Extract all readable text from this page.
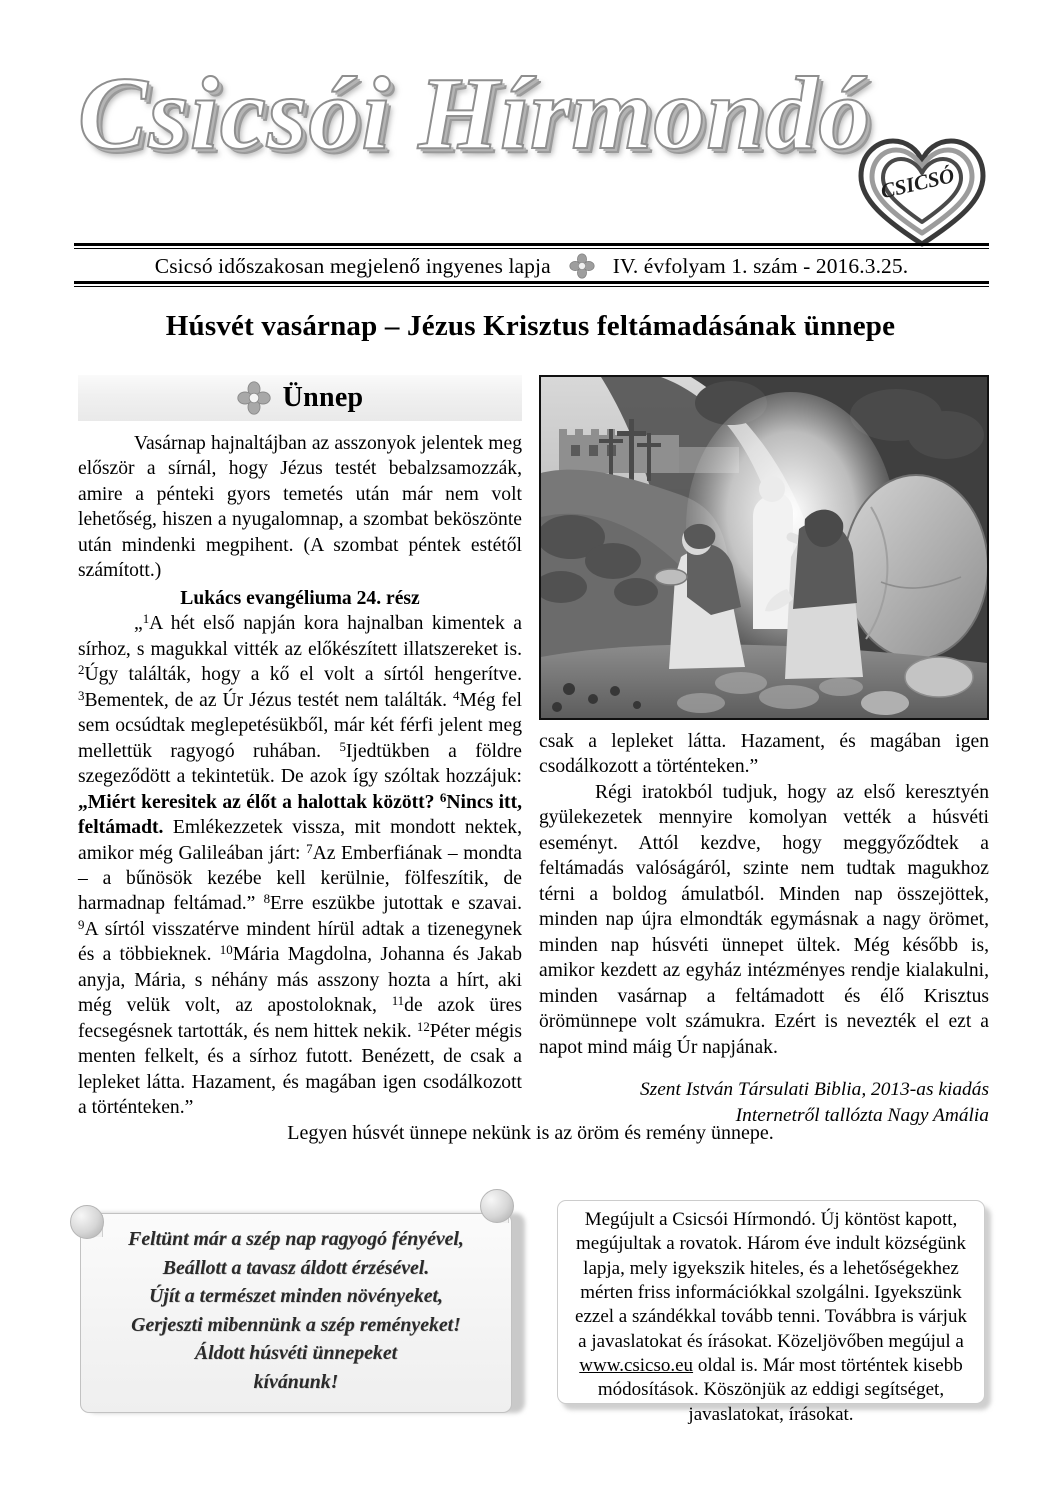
Csicsói Hírmondó
CSICSÓ
Csicsó időszakosan megjelenő ingyenes lapja	IV. évfolyam 1. szám - 2016.3.25.
Húsvét vasárnap – Jézus Krisztus feltámadásának ünnepe
Ünnep

Vasárnap hajnaltájban az asszonyok jelentek meg először a sírnál, hogy Jézus testét bebalzsamozzák, amire a pénteki gyors temetés után már nem volt lehetőség, hiszen a nyugalomnap, a szombat beköszönte után mindenki megpihent. (A szombat péntek estétől számított.)

Lukács evangéliuma 24. rész

„$^1$A hét első napján kora hajnalban kimentek a sírhoz, s magukkal vitték az előkészített illatszereket is. $^2$Úgy találták, hogy a kő el volt a sírtól hengerítve. $^3$Bementek, de az Úr Jézus testét nem találták. $^4$Még fel sem ocsúdtak meglepetésükből, már két férfi jelent meg mellettük ragyogó ruhában. $^5$Ijedtükben a földre szegeződött a tekintetük. De azok így szóltak hozzájuk: „Miért keresitek az élőt a halottak között? $^6$Nincs itt, feltámadt. Emlékezzetek vissza, mit mondott nektek, amikor még Galileában járt: $^7$Az Emberfiának – mondta – a bűnösök kezébe kell kerülnie, fölfeszítik, de harmadnap feltámad.” $^8$Erre eszükbe jutottak e szavai. $^9$A sírtól visszatérve mindent hírül adtak a tizenegynek és a többieknek. $^{10}$Mária Magdolna, Johanna és Jakab anyja, Mária, s néhány más asszony hozta a hírt, aki még velük volt, az apostoloknak, $^{11}$de azok üres fecsegésnek tartották, és nem hittek nekik. $^{12}$Péter mégis menten felkelt, és a sírhoz futott. Benézett, de csak a lepleket látta. Hazament, és magában igen csodálkozott a történteken.”

csak a lepleket látta. Hazament, és magában igen csodálkozott a történteken.”

Régi iratokból tudjuk, hogy az első keresztyén gyülekezetek mennyire komolyan vették a húsvéti eseményt. Attól kezdve, hogy meggyőződtek a feltámadás valóságáról, szinte nem tudtak magukhoz térni a boldog ámulatból. Minden nap összejöttek, minden nap újra elmondták egymásnak a nagy örömet, minden nap húsvéti ünnepet ültek. Még később is, amikor kezdett az egyház intézményes rendje kialakulni, minden vasárnap a feltámadott és élő Krisztus örömünnepe volt számukra. Ezért is nevezték el ezt a napot mind máig Úr napjának.

Szent István Társulati Biblia, 2013-as kiadás
Internetről tallózta Nagy Amália
Legyen húsvét ünnepe nekünk is az öröm és remény ünnepe.
Feltünt már a szép nap ragyogó fényével,
Beállott a tavasz áldott érzésével.
Újít a természet minden növényeket,
Gerjeszti mibennünk a szép reményeket!
Áldott húsvéti ünnepeket
kívánunk!
Megújult a Csicsói Hírmondó. Új köntöst kapott, megújultak a rovatok. Három éve indult községünk lapja, mely igyekszik hiteles, és a lehetőségekhez mérten friss információkkal szolgálni. Igyekszünk ezzel a szándékkal tovább tenni. Továbbra is várjuk a javaslatokat és írásokat. Közeljövőben megújul a www.csicso.eu oldal is. Már most történtek kisebb módosítások. Köszönjük az eddigi segítséget, javaslatokat, írásokat.
